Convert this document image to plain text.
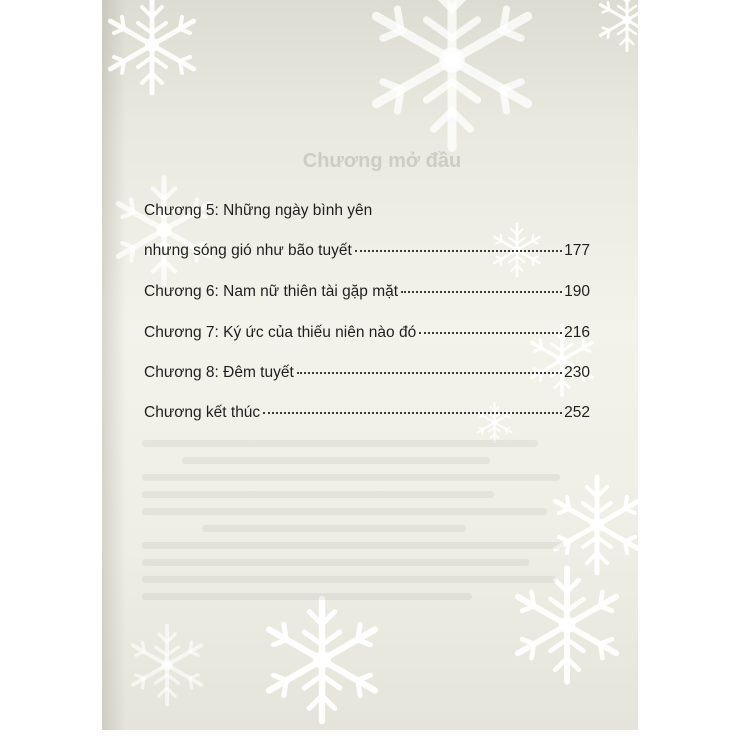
Chương mở đầu
Chương 5: Những ngày bình yên
nhưng sóng gió như bão tuyết	177
Chương 6: Nam nữ thiên tài gặp mặt	190
Chương 7: Ký ức của thiếu niên nào đó	216
Chương 8: Đêm tuyết	230
Chương kết thúc	252
